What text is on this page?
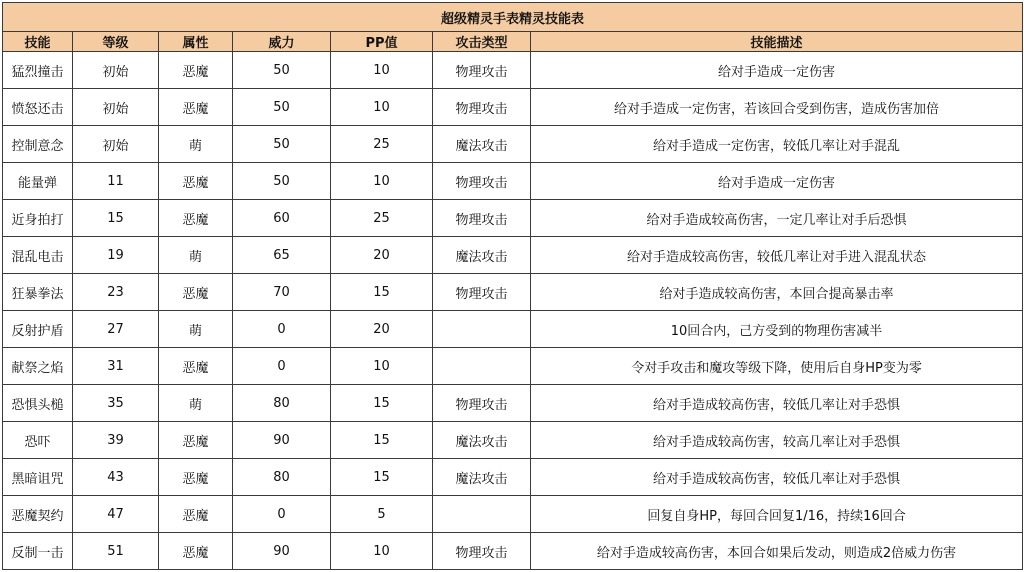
超级精灵手表精灵技能表						
技能	等级	属性	威力	PP值	攻击类型	技能描述
猛烈撞击	初始	恶魔	50	10	物理攻击	给对手造成一定伤害
愤怒还击	初始	恶魔	50	10	物理攻击	给对手造成一定伤害，若该回合受到伤害，造成伤害加倍
控制意念	初始	萌	50	25	魔法攻击	给对手造成一定伤害，较低几率让对手混乱
能量弹	11	恶魔	50	10	物理攻击	给对手造成一定伤害
近身拍打	15	恶魔	60	25	物理攻击	给对手造成较高伤害，一定几率让对手后恐惧
混乱电击	19	萌	65	20	魔法攻击	给对手造成较高伤害，较低几率让对手进入混乱状态
狂暴拳法	23	恶魔	70	15	物理攻击	给对手造成较高伤害，本回合提高暴击率
反射护盾	27	萌	0	20		10回合内，己方受到的物理伤害减半
献祭之焰	31	恶魔	0	10		令对手攻击和魔攻等级下降，使用后自身HP变为零
恐惧头槌	35	萌	80	15	物理攻击	给对手造成较高伤害，较低几率让对手恐惧
恐吓	39	恶魔	90	15	魔法攻击	给对手造成较高伤害，较高几率让对手恐惧
黑暗诅咒	43	恶魔	80	15	魔法攻击	给对手造成较高伤害，较低几率让对手恐惧
恶魔契约	47	恶魔	0	5		回复自身HP，每回合回复1/16，持续16回合
反制一击	51	恶魔	90	10	物理攻击	给对手造成较高伤害，本回合如果后发动，则造成2倍威力伤害
